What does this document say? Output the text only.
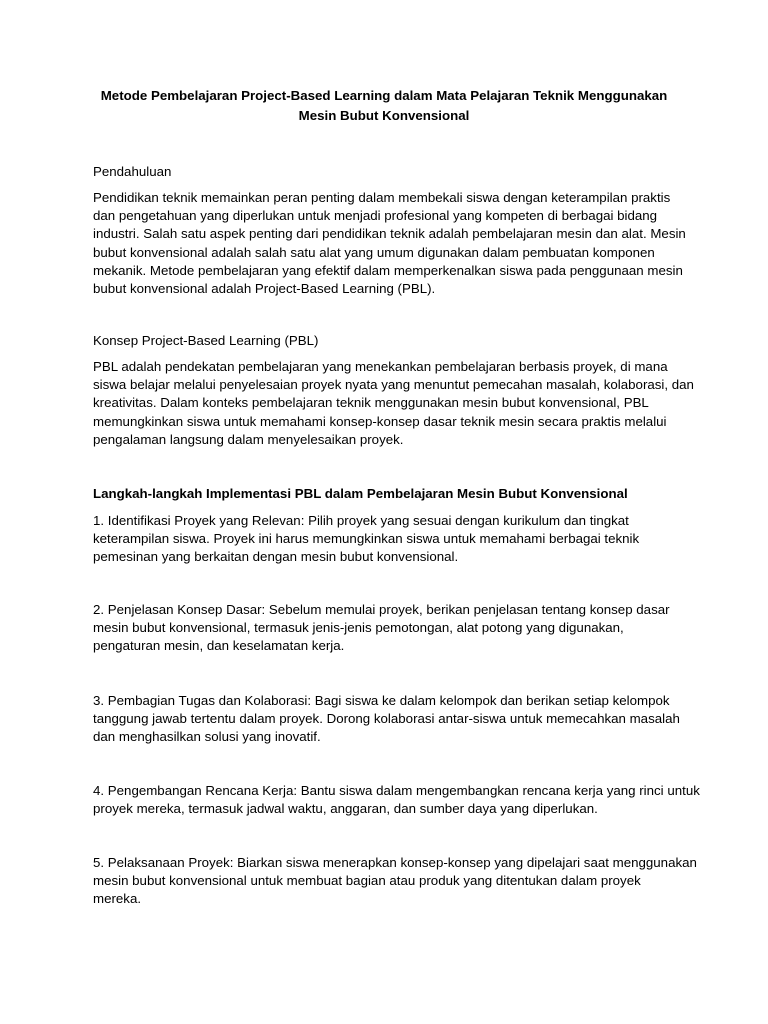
Metode Pembelajaran Project-Based Learning dalam Mata Pelajaran Teknik Menggunakan
Mesin Bubut Konvensional
Pendahuluan
Pendidikan teknik memainkan peran penting dalam membekali siswa dengan keterampilan praktis
dan pengetahuan yang diperlukan untuk menjadi profesional yang kompeten di berbagai bidang
industri. Salah satu aspek penting dari pendidikan teknik adalah pembelajaran mesin dan alat. Mesin
bubut konvensional adalah salah satu alat yang umum digunakan dalam pembuatan komponen
mekanik. Metode pembelajaran yang efektif dalam memperkenalkan siswa pada penggunaan mesin
bubut konvensional adalah Project-Based Learning (PBL).
Konsep Project-Based Learning (PBL)
PBL adalah pendekatan pembelajaran yang menekankan pembelajaran berbasis proyek, di mana
siswa belajar melalui penyelesaian proyek nyata yang menuntut pemecahan masalah, kolaborasi, dan
kreativitas. Dalam konteks pembelajaran teknik menggunakan mesin bubut konvensional, PBL
memungkinkan siswa untuk memahami konsep-konsep dasar teknik mesin secara praktis melalui
pengalaman langsung dalam menyelesaikan proyek.
Langkah-langkah Implementasi PBL dalam Pembelajaran Mesin Bubut Konvensional
1. Identifikasi Proyek yang Relevan: Pilih proyek yang sesuai dengan kurikulum dan tingkat
keterampilan siswa. Proyek ini harus memungkinkan siswa untuk memahami berbagai teknik
pemesinan yang berkaitan dengan mesin bubut konvensional.
2. Penjelasan Konsep Dasar: Sebelum memulai proyek, berikan penjelasan tentang konsep dasar
mesin bubut konvensional, termasuk jenis-jenis pemotongan, alat potong yang digunakan,
pengaturan mesin, dan keselamatan kerja.
3. Pembagian Tugas dan Kolaborasi: Bagi siswa ke dalam kelompok dan berikan setiap kelompok
tanggung jawab tertentu dalam proyek. Dorong kolaborasi antar-siswa untuk memecahkan masalah
dan menghasilkan solusi yang inovatif.
4. Pengembangan Rencana Kerja: Bantu siswa dalam mengembangkan rencana kerja yang rinci untuk
proyek mereka, termasuk jadwal waktu, anggaran, dan sumber daya yang diperlukan.
5. Pelaksanaan Proyek: Biarkan siswa menerapkan konsep-konsep yang dipelajari saat menggunakan
mesin bubut konvensional untuk membuat bagian atau produk yang ditentukan dalam proyek
mereka.
